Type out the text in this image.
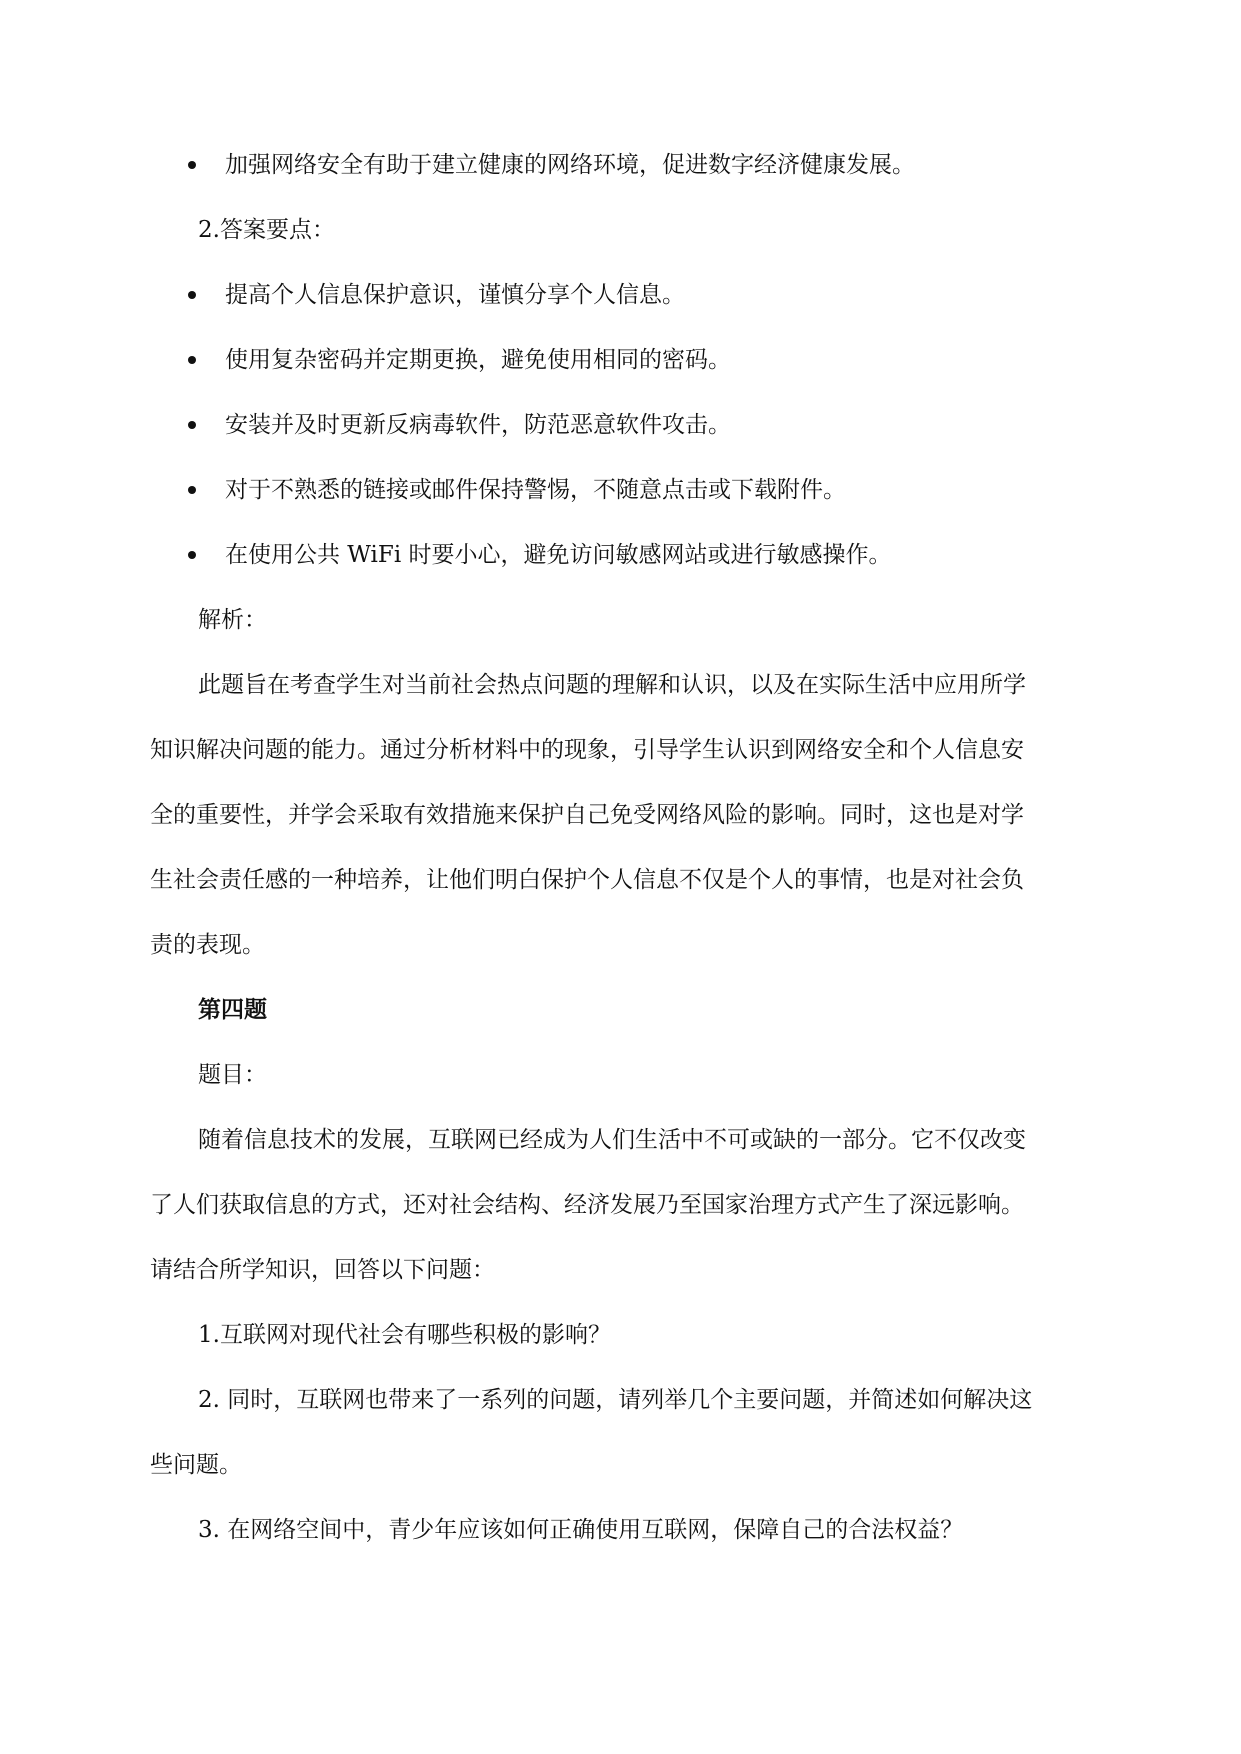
加强网络安全有助于建立健康的网络环境，促进数字经济健康发展。
2.答案要点：
提高个人信息保护意识，谨慎分享个人信息。
使用复杂密码并定期更换，避免使用相同的密码。
安装并及时更新反病毒软件，防范恶意软件攻击。
对于不熟悉的链接或邮件保持警惕，不随意点击或下载附件。
在使用公共 WiFi 时要小心，避免访问敏感网站或进行敏感操作。
解析：
此题旨在考查学生对当前社会热点问题的理解和认识，以及在实际生活中应用所学
知识解决问题的能力。通过分析材料中的现象，引导学生认识到网络安全和个人信息安
全的重要性，并学会采取有效措施来保护自己免受网络风险的影响。同时，这也是对学
生社会责任感的一种培养，让他们明白保护个人信息不仅是个人的事情，也是对社会负
责的表现。
第四题
题目：
随着信息技术的发展，互联网已经成为人们生活中不可或缺的一部分。它不仅改变
了人们获取信息的方式，还对社会结构、经济发展乃至国家治理方式产生了深远影响。
请结合所学知识，回答以下问题：
1.互联网对现代社会有哪些积极的影响？
2. 同时，互联网也带来了一系列的问题，请列举几个主要问题，并简述如何解决这
些问题。
3. 在网络空间中，青少年应该如何正确使用互联网，保障自己的合法权益？
